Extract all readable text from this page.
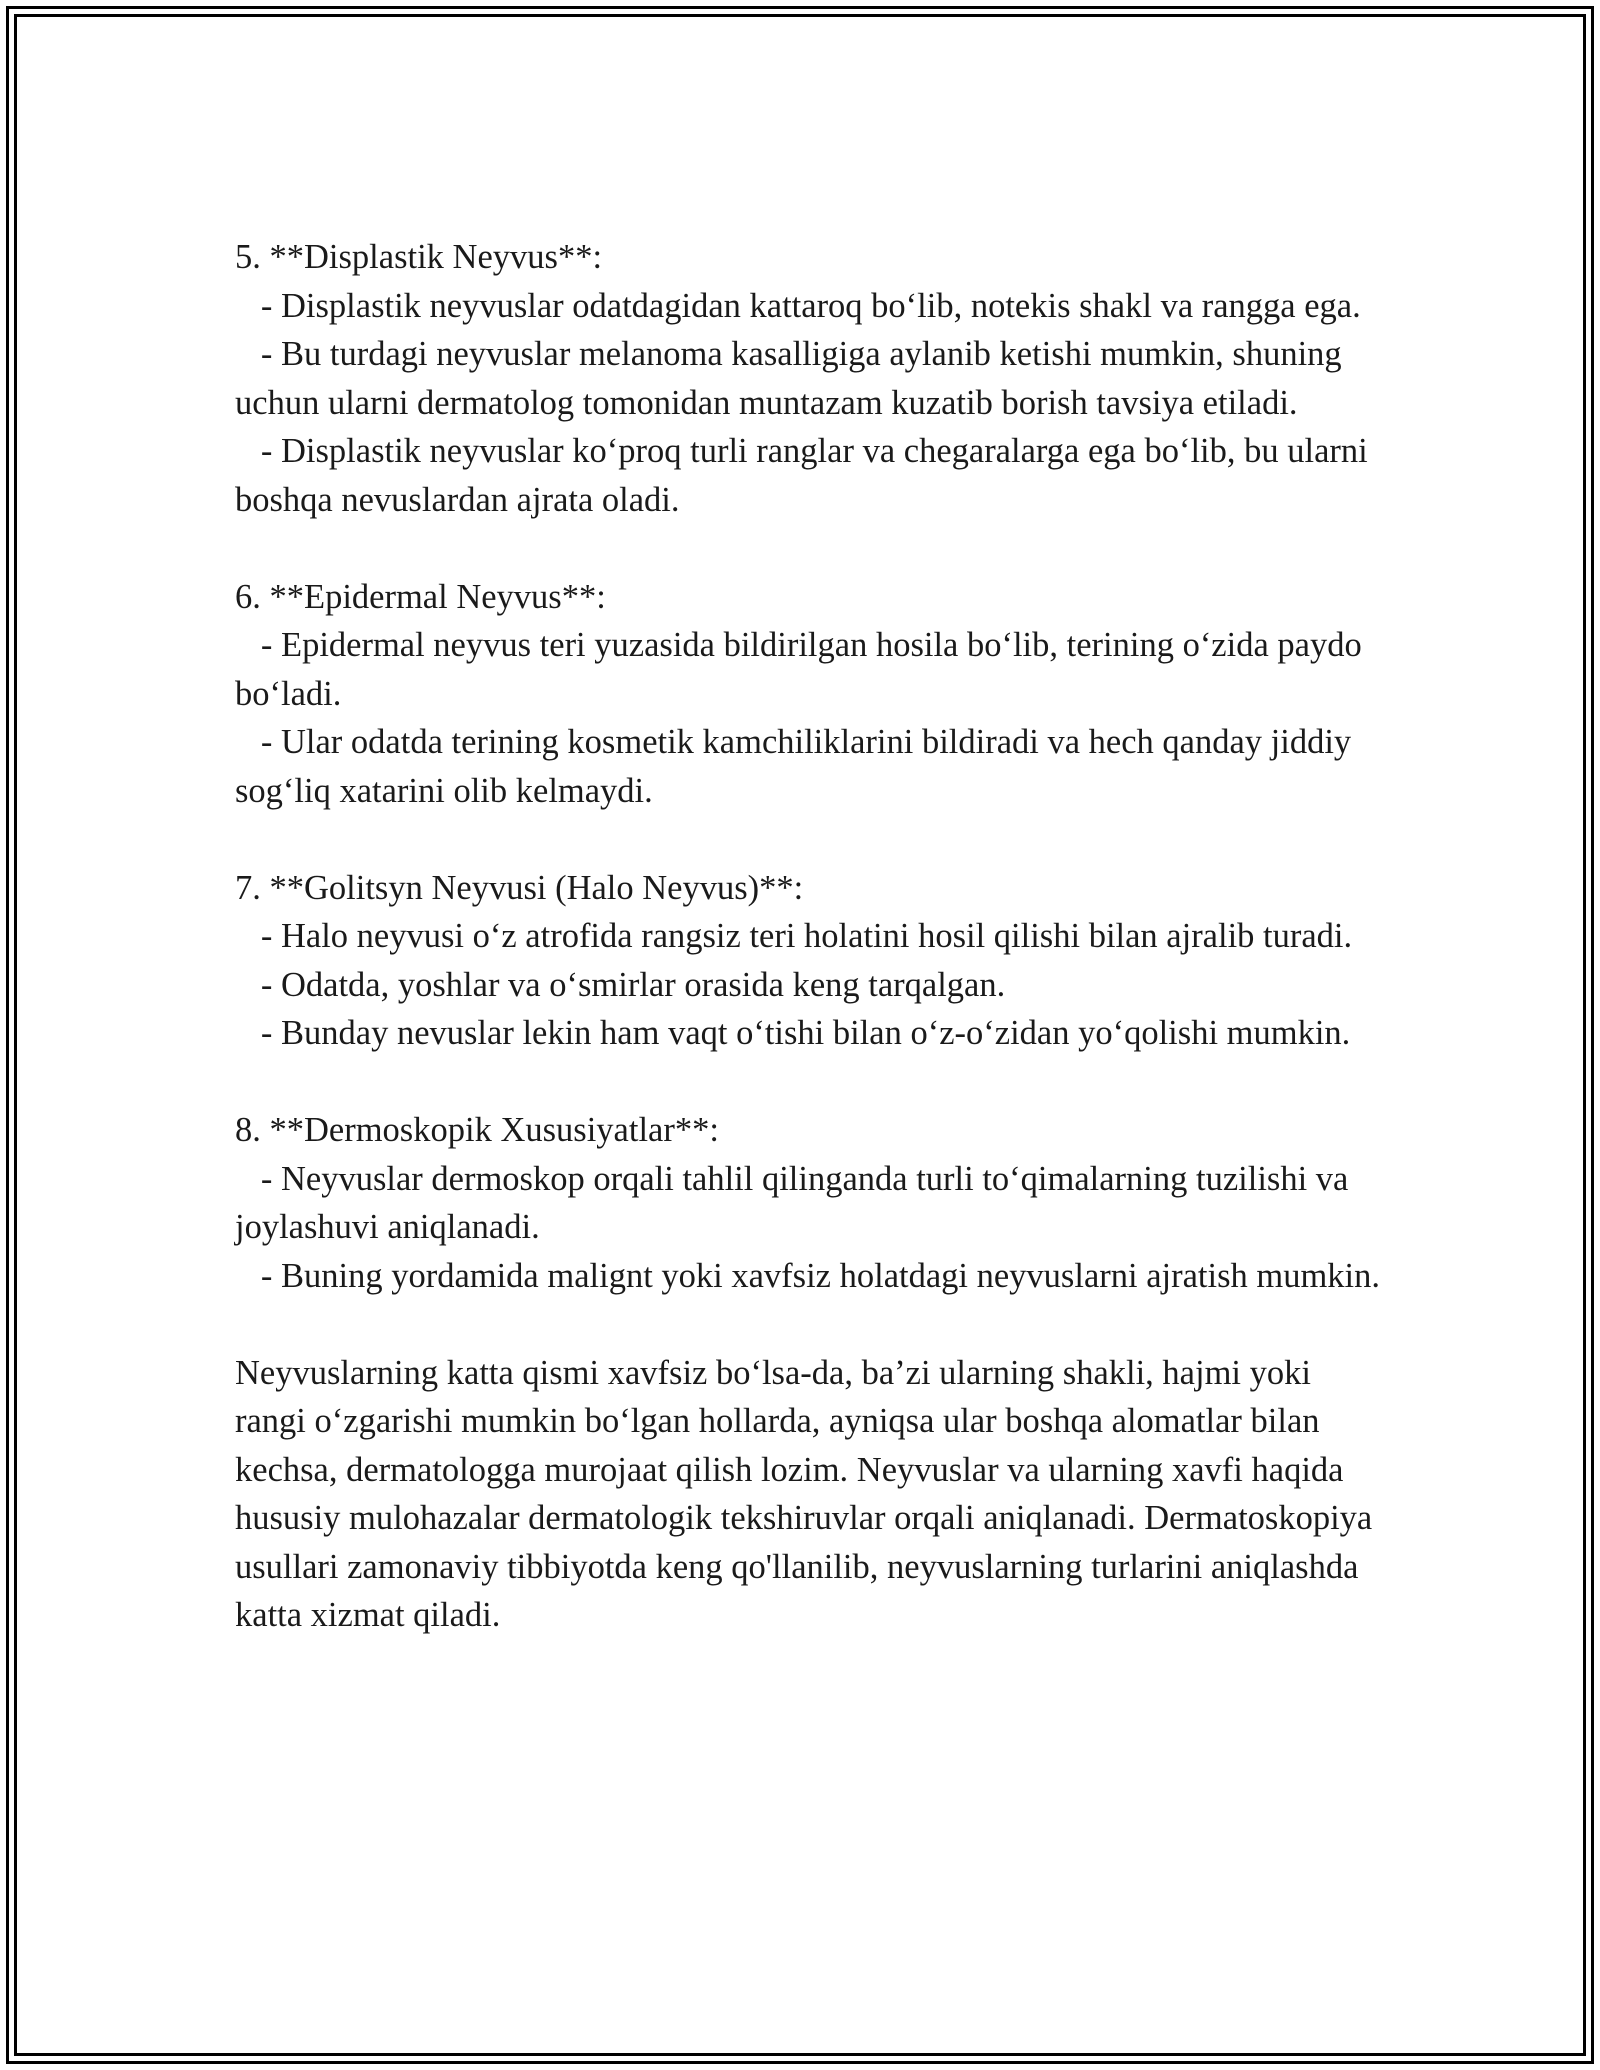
5. **Displastik Neyvus**:

- Displastik neyvuslar odatdagidan kattaroq boʻlib, notekis shakl va rangga ega.

- Bu turdagi neyvuslar melanoma kasalligiga aylanib ketishi mumkin, shuning uchun ularni dermatolog tomonidan muntazam kuzatib borish tavsiya etiladi.

- Displastik neyvuslar koʻproq turli ranglar va chegaralarga ega boʻlib, bu ularni boshqa nevuslardan ajrata oladi.

6. **Epidermal Neyvus**:

- Epidermal neyvus teri yuzasida bildirilgan hosila boʻlib, terining oʻzida paydo boʻladi.

- Ular odatda terining kosmetik kamchiliklarini bildiradi va hech qanday jiddiy sogʻliq xatarini olib kelmaydi.

7. **Golitsyn Neyvusi (Halo Neyvus)**:

- Halo neyvusi oʻz atrofida rangsiz teri holatini hosil qilishi bilan ajralib turadi.

- Odatda, yoshlar va oʻsmirlar orasida keng tarqalgan.

- Bunday nevuslar lekin ham vaqt oʻtishi bilan oʻz-oʻzidan yoʻqolishi mumkin.

8. **Dermoskopik Xususiyatlar**:

- Neyvuslar dermoskop orqali tahlil qilinganda turli toʻqimalarning tuzilishi va joylashuvi aniqlanadi.

- Buning yordamida malignt yoki xavfsiz holatdagi neyvuslarni ajratish mumkin.

Neyvuslarning katta qismi xavfsiz boʻlsa-da, baʼzi ularning shakli, hajmi yoki rangi oʻzgarishi mumkin boʻlgan hollarda, ayniqsa ular boshqa alomatlar bilan kechsa, dermatologga murojaat qilish lozim. Neyvuslar va ularning xavfi haqida hususiy mulohazalar dermatologik tekshiruvlar orqali aniqlanadi. Dermatoskopiya usullari zamonaviy tibbiyotda keng qo'llanilib, neyvuslarning turlarini aniqlashda katta xizmat qiladi.
